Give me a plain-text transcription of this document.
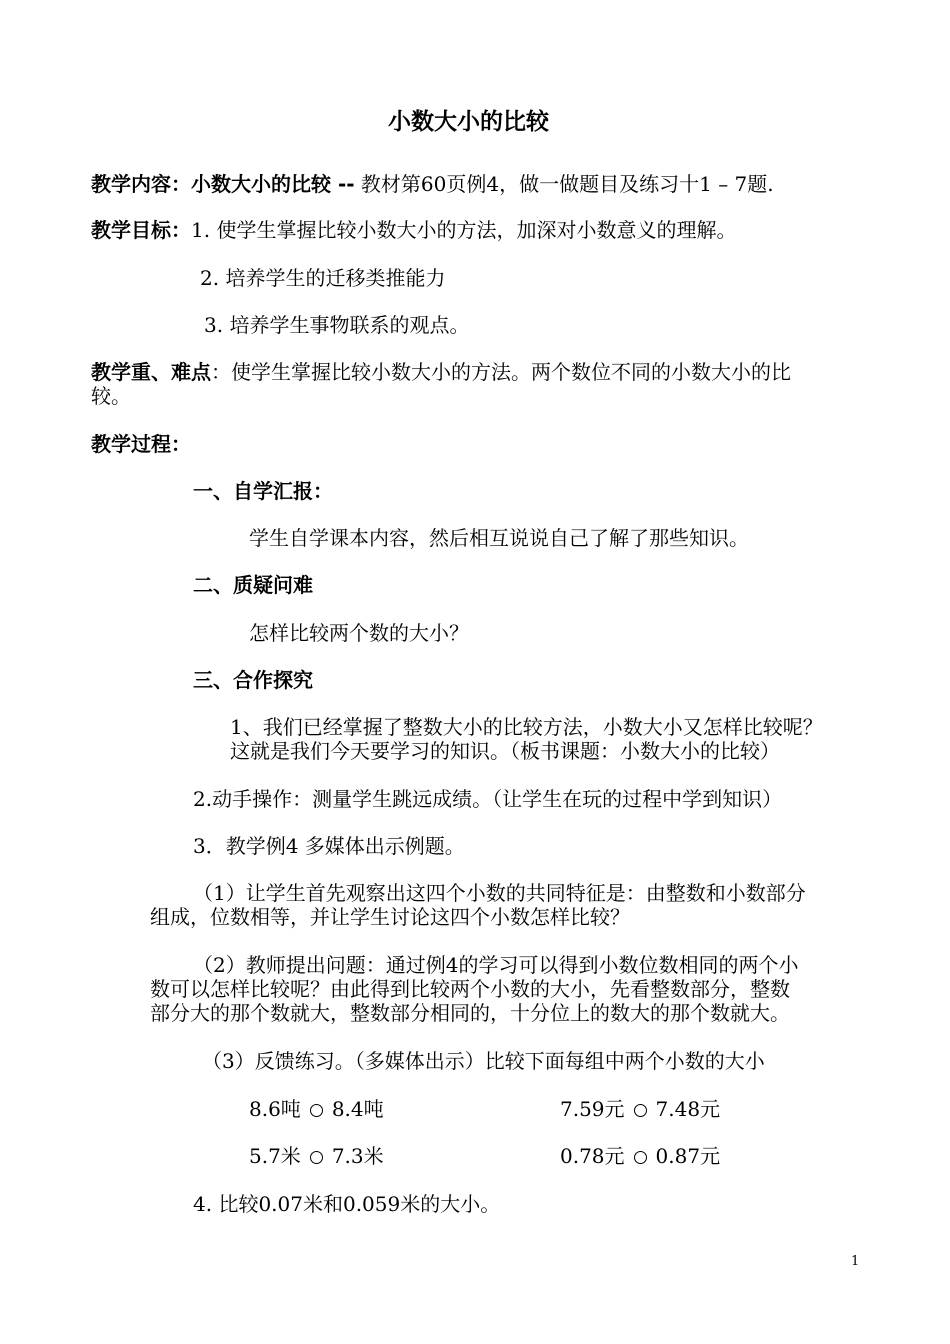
小数大小的比较
教学内容：小数大小的比较 -- 教材第60页例4，做一做题目及练习十1 – 7题.
教学目标：1. 使学生掌握比较小数大小的方法，加深对小数意义的理解。
2. 培养学生的迁移类推能力
3. 培养学生事物联系的观点。
教学重、难点：使学生掌握比较小数大小的方法。两个数位不同的小数大小的比
较。
教学过程：
一、自学汇报：
学生自学课本内容，然后相互说说自己了解了那些知识。
二、质疑问难
怎样比较两个数的大小？
三、合作探究
1、我们已经掌握了整数大小的比较方法，小数大小又怎样比较呢？
这就是我们今天要学习的知识。（板书课题：小数大小的比较）
2.动手操作：测量学生跳远成绩。（让学生在玩的过程中学到知识）
3．教学例4 多媒体出示例题。
（1）让学生首先观察出这四个小数的共同特征是：由整数和小数部分
组成，位数相等，并让学生讨论这四个小数怎样比较？
（2）教师提出问题：通过例4的学习可以得到小数位数相同的两个小
数可以怎样比较呢？由此得到比较两个小数的大小，先看整数部分，整数
部分大的那个数就大，整数部分相同的，十分位上的数大的那个数就大。
（3）反馈练习。（多媒体出示）比较下面每组中两个小数的大小
8.6吨 8.4吨	7.59元 7.48元
5.7米 7.3米	0.78元 0.87元
4. 比较0.07米和0.059米的大小。
1
